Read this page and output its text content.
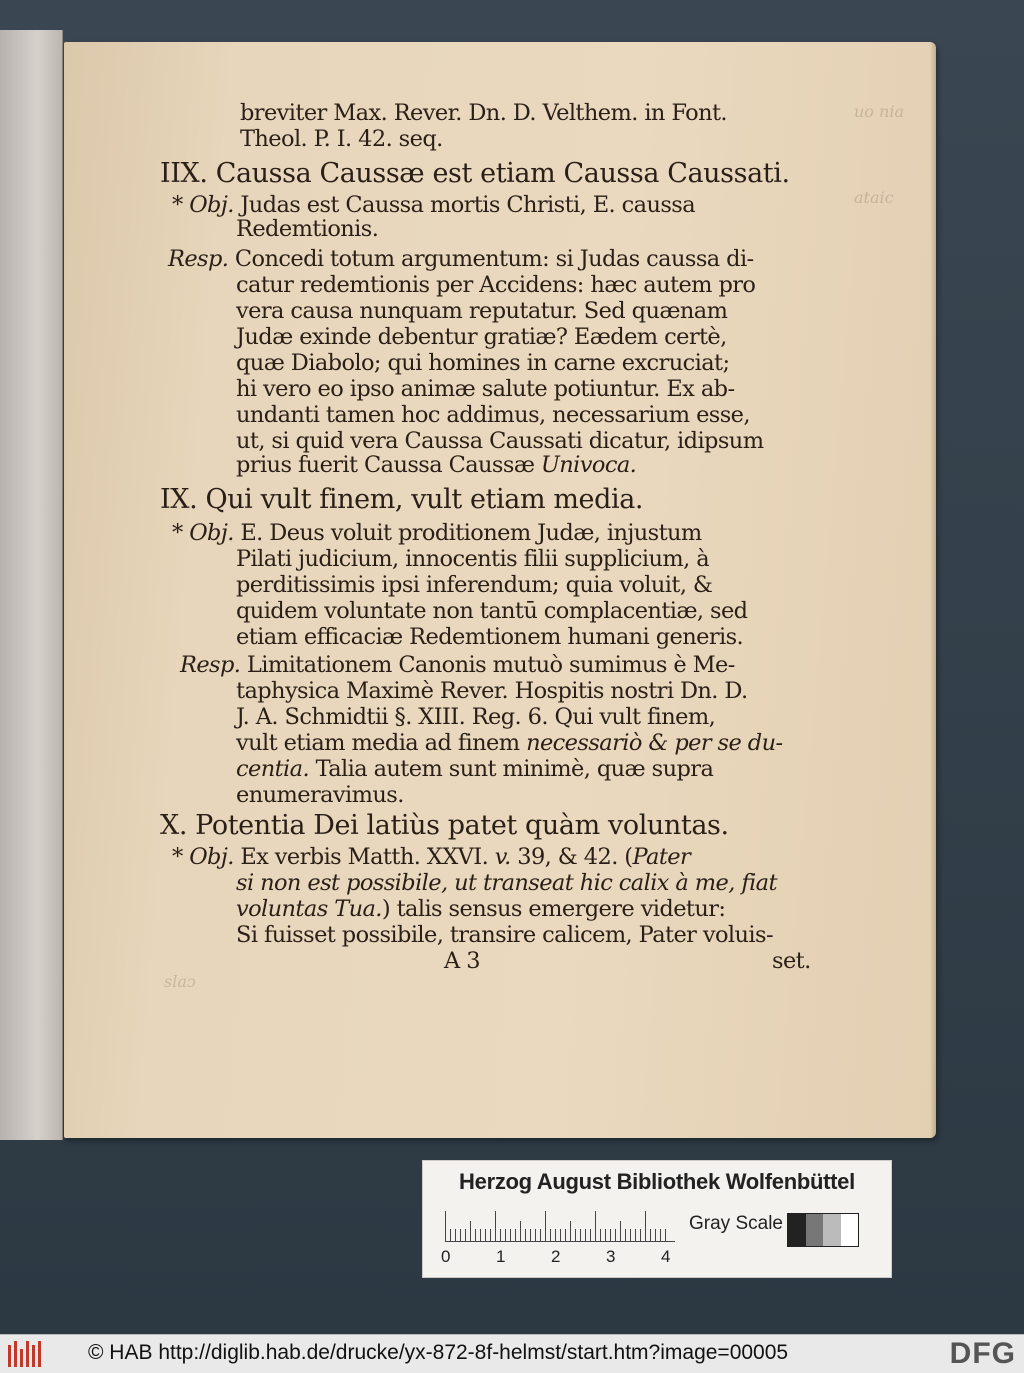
uo nia
ataic
slaɔ
breviter Max. Rever. Dn. D. Velthem. in Font.
Theol. P. I. 42. seq.
IIX. Caussa Caussæ est etiam Caussa Caussati.
* Obj. Judas est Caussa mortis Christi, E. caussa
Redemtionis.
Resp. Concedi totum argumentum: si Judas caussa di-
catur redemtionis per Accidens: hæc autem pro
vera causa nunquam reputatur. Sed quænam
Judæ exinde debentur gratiæ? Eædem certè,
quæ Diabolo; qui homines in carne excruciat;
hi vero eo ipso animæ salute potiuntur. Ex ab-
undanti tamen hoc addimus, necessarium esse,
ut, si quid vera Caussa Caussati dicatur, idipsum
prius fuerit Caussa Caussæ Univoca.
IX. Qui vult finem, vult etiam media.
* Obj. E. Deus voluit proditionem Judæ, injustum
Pilati judicium, innocentis filii supplicium, à
perditissimis ipsi inferendum; quia voluit, &
quidem voluntate non tantū complacentiæ, sed
etiam efficaciæ Redemtionem humani generis.
Resp. Limitationem Canonis mutuò sumimus è Me-
taphysica Maximè Rever. Hospitis nostri Dn. D.
J. A. Schmidtii §. XIII. Reg. 6. Qui vult finem,
vult etiam media ad finem necessariò & per se du-
centia. Talia autem sunt minimè, quæ supra
enumeravimus.
X. Potentia Dei latiùs patet quàm voluntas.
* Obj. Ex verbis Matth. XXVI. v. 39, & 42. (Pater
si non est possibile, ut transeat hic calix à me, fiat
voluntas Tua.) talis sensus emergere videtur:
Si fuisset possibile, transire calicem, Pater voluis-
A 3	set.
Herzog August Bibliothek Wolfenbüttel
0	1	2	3	4
Gray Scale
© HAB http://diglib.hab.de/drucke/yx-872-8f-helmst/start.htm?image=00005	DFG
